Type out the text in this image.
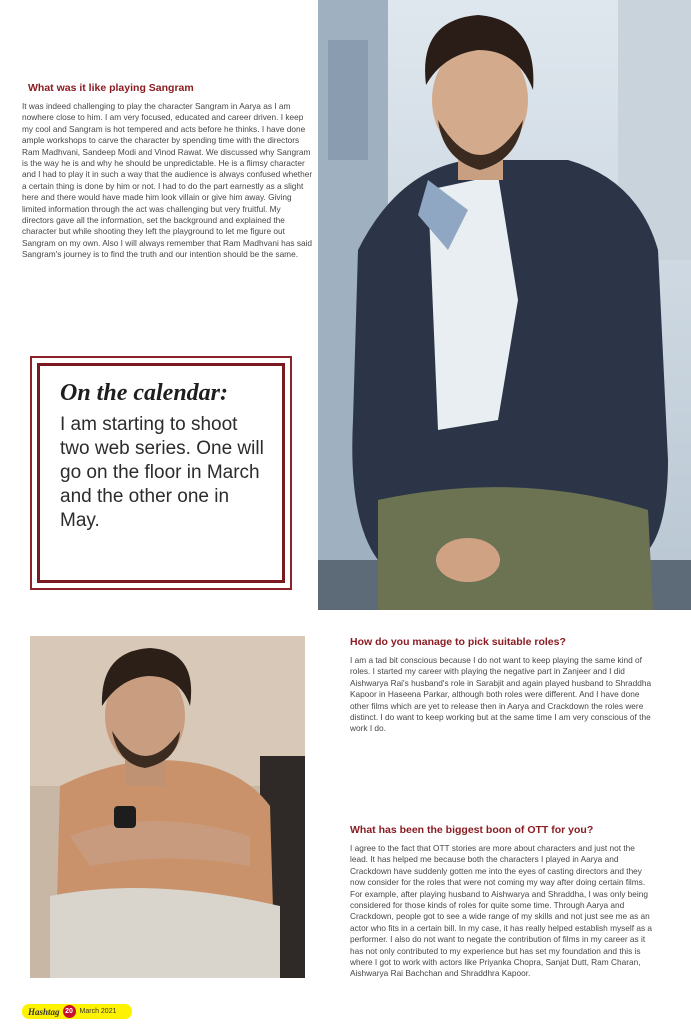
What was it like playing Sangram

It was indeed challenging to play the character Sangram in Aarya as I am nowhere close to him. I am very focused, educated and career driven. I keep my cool and Sangram is hot tempered and acts before he thinks. I have done ample workshops to carve the character by spending time with the directors Ram Madhvani, Sandeep Modi and Vinod Rawat. We discussed why Sangram is the way he is and why he should be unpredictable. He is a flimsy character and I had to play it in such a way that the audience is always confused whether a certain thing is done by him or not. I had to do the part earnestly as a slight here and there would have made him look villain or give him away. Giving limited information through the act was challenging but very fruitful. My directors gave all the information, set the background and explained the character but while shooting they left the playground to let me figure out Sangram on my own. Also I will always remember that Ram Madhvani has said Sangram's journey is to find the truth and our intention should be the same.

On the calendar:

I am starting to shoot two web series. One will go on the floor in March and the other one in May.

How do you manage to pick suitable roles?

I am a tad bit conscious because I do not want to keep playing the same kind of roles. I started my career with playing the negative part in Zanjeer and I did Aishwarya Rai's husband's role in Sarabjit and again played husband to Shraddha Kapoor in Haseena Parkar, although both roles were different. And I have done other films which are yet to release then in Aarya and Crackdown the roles were distinct. I do want to keep working but at the same time I am very conscious of the work I do.

What has been the biggest boon of OTT for you?

I agree to the fact that OTT stories are more about characters and just not the lead. It has helped me because both the characters I played in Aarya and Crackdown have suddenly gotten me into the eyes of casting directors and they now consider for the roles that were not coming my way after doing certain films. For example, after playing husband to Aishwarya and Shraddha, I was only being considered for those kinds of roles for quite some time. Through Aarya and Crackdown, people got to see a wide range of my skills and not just see me as an actor who fits in a certain bill. In my case, it has really helped establish myself as a performer. I also do not want to negate the contribution of films in my career as it has not only contributed to my experience but has set my foundation and this is where I got to work with actors like Priyanka Chopra, Sanjat Dutt, Ram Charan, Aishwarya Rai Bachchan and Shraddhra Kapoor.

Hashtag 20 March 2021
